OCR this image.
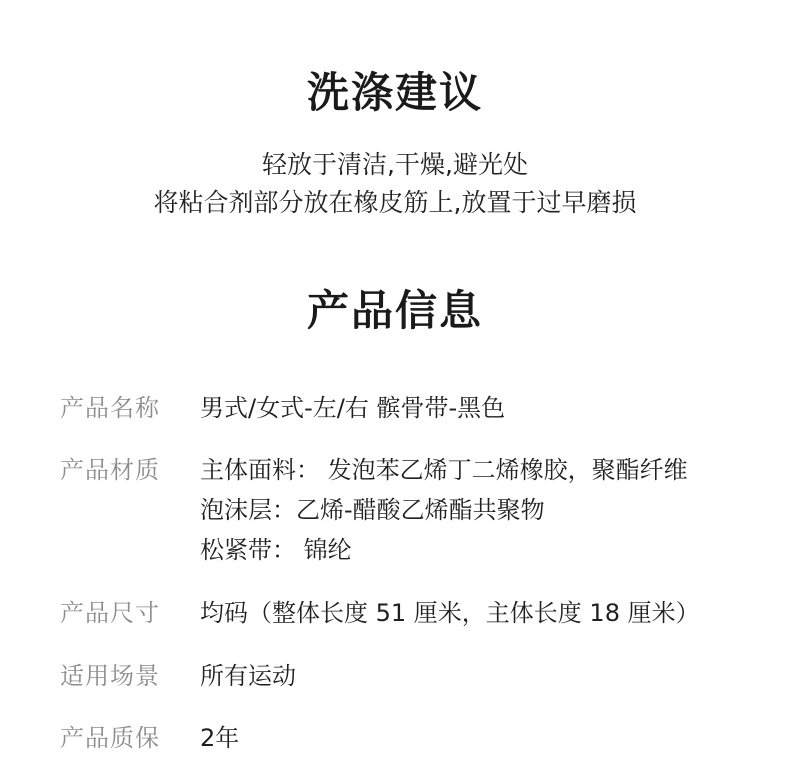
洗涤建议
轻放于清洁,干燥,避光处
将粘合剂部分放在橡皮筋上,放置于过早磨损
产品信息
产品名称	男式/女式-左/右 髌骨带-黑色
产品材质	主体面料： 发泡苯乙烯丁二烯橡胶，聚酯纤维
泡沫层：乙烯-醋酸乙烯酯共聚物
松紧带： 锦纶
产品尺寸	均码（整体长度 51 厘米，主体长度 18 厘米）
适用场景	所有运动
产品质保	2年
